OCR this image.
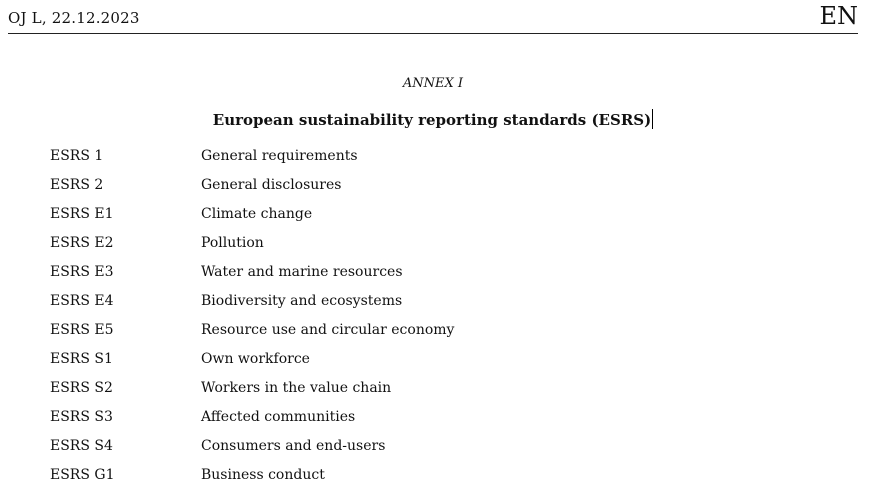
OJ L, 22.12.2023	EN
ANNEX I
European sustainability reporting standards (ESRS)
ESRS 1	General requirements
ESRS 2	General disclosures
ESRS E1	Climate change
ESRS E2	Pollution
ESRS E3	Water and marine resources
ESRS E4	Biodiversity and ecosystems
ESRS E5	Resource use and circular economy
ESRS S1	Own workforce
ESRS S2	Workers in the value chain
ESRS S3	Affected communities
ESRS S4	Consumers and end-users
ESRS G1	Business conduct
